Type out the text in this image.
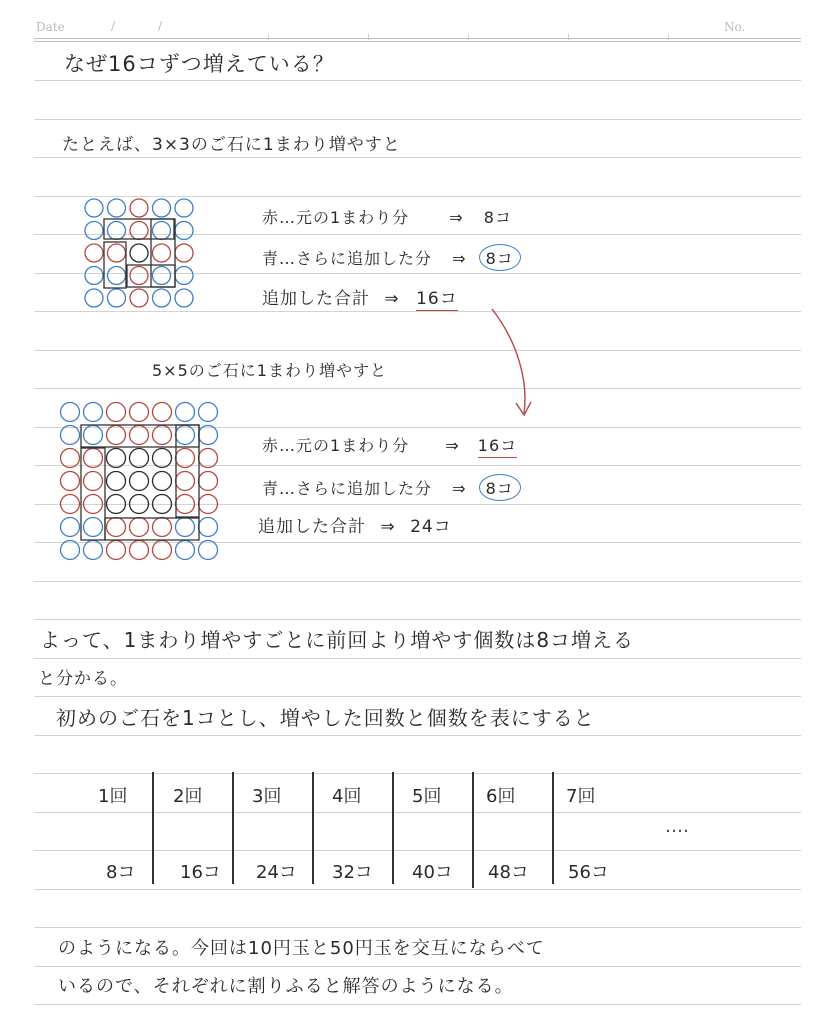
Date	/	/	No.
なぜ16コずつ増えている？
たとえば、3×3のご石に1まわり増やすと
赤…元の1まわり分	⇒ 8コ
青…さらに追加した分 ⇒ 8コ
追加した合計 ⇒ 16コ
5×5のご石に1まわり増やすと
赤…元の1まわり分 ⇒ 16コ
青…さらに追加した分 ⇒ 8コ
追加した合計 ⇒ 24コ
よって、1まわり増やすごとに前回より増やす個数は8コ増える
と分かる。
初めのご石を1コとし、増やした回数と個数を表にすると
1回	2回	3回	4回	5回 6回	7回
‥‥
8コ 16コ 24コ 32コ 40コ 48コ 56コ
のようになる。今回は10円玉と50円玉を交互にならべて
いるので、それぞれに割りふると解答のようになる。
